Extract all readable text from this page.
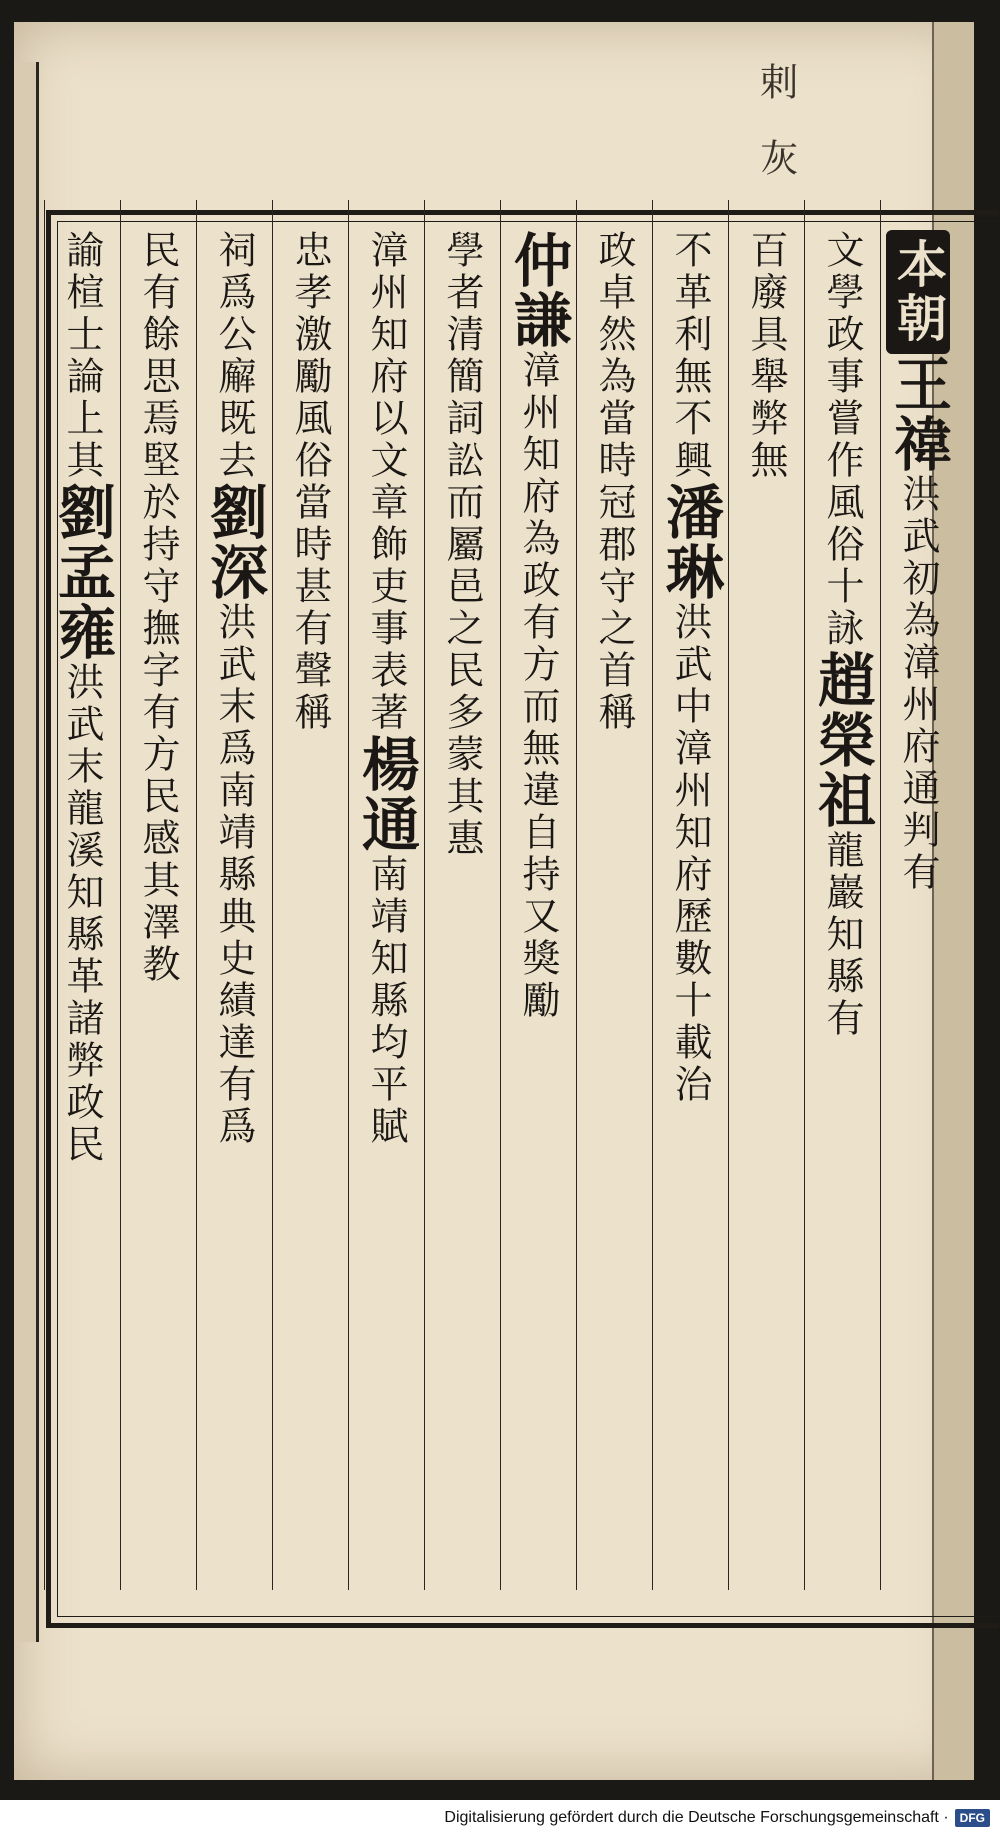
剌　灰
本朝王禕洪武初為漳州府通判有
文學政事嘗作風俗十詠趙榮祖龍巖知縣有
百廢具舉弊無
不革利無不興潘琳洪武中漳州知府歷數十載治
政卓然為當時冠郡守之首稱
仲謙漳州知府為政有方而無違自持又獎勵
學者清簡詞訟而屬邑之民多蒙其惠
漳州知府以文章飾吏事表著楊通南靖知縣均平賦
忠孝激勵風俗當時甚有聲稱
祠爲公廨既去劉深洪武末爲南靖縣典史績達有爲
民有餘思焉堅於持守撫字有方民感其澤教
諭楦士論上其劉孟雍洪武末龍溪知縣革諸弊政民
Digitalisierung gefördert durch die Deutsche Forschungsgemeinschaft · DFG
